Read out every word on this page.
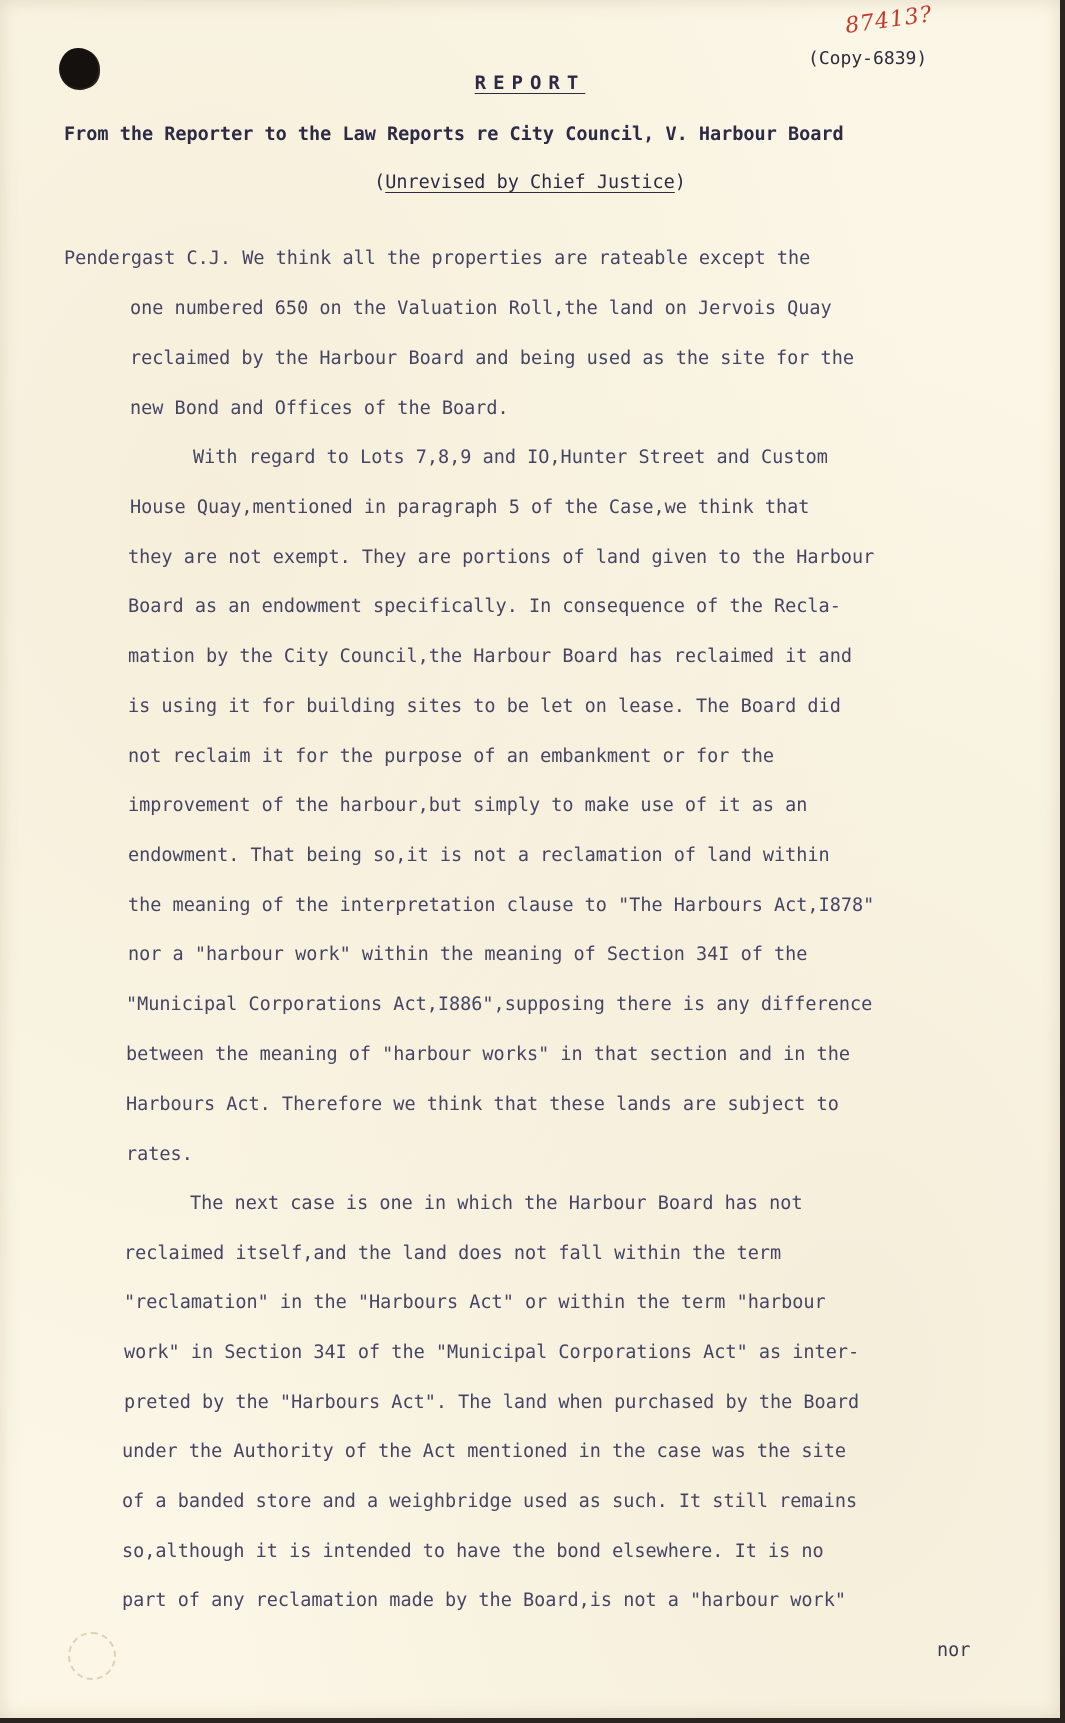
87413?
(Copy-6839)
REPORT
From the Reporter to the Law Reports re City Council, V. Harbour Board
(Unrevised by Chief Justice)
Pendergast C.J. We think all the properties are rateable except the
one numbered 650 on the Valuation Roll,the land on Jervois Quay
reclaimed by the Harbour Board and being used as the site for the
new Bond and Offices of the Board.
With regard to Lots 7,8,9 and IO,Hunter Street and Custom
House Quay,mentioned in paragraph 5 of the Case,we think that
they are not exempt. They are portions of land given to the Harbour
Board as an endowment specifically. In consequence of the Recla-
mation by the City Council,the Harbour Board has reclaimed it and
is using it for building sites to be let on lease. The Board did
not reclaim it for the purpose of an embankment or for the
improvement of the harbour,but simply to make use of it as an
endowment. That being so,it is not a reclamation of land within
the meaning of the interpretation clause to "The Harbours Act,I878"
nor a "harbour work" within the meaning of Section 34I of the
"Municipal Corporations Act,I886",supposing there is any difference
between the meaning of "harbour works" in that section and in the
Harbours Act. Therefore we think that these lands are subject to
rates.
The next case is one in which the Harbour Board has not
reclaimed itself,and the land does not fall within the term
"reclamation" in the "Harbours Act" or within the term "harbour
work" in Section 34I of the "Municipal Corporations Act" as inter-
preted by the "Harbours Act". The land when purchased by the Board
under the Authority of the Act mentioned in the case was the site
of a banded store and a weighbridge used as such. It still remains
so,although it is intended to have the bond elsewhere. It is no
part of any reclamation made by the Board,is not a "harbour work"
nor
